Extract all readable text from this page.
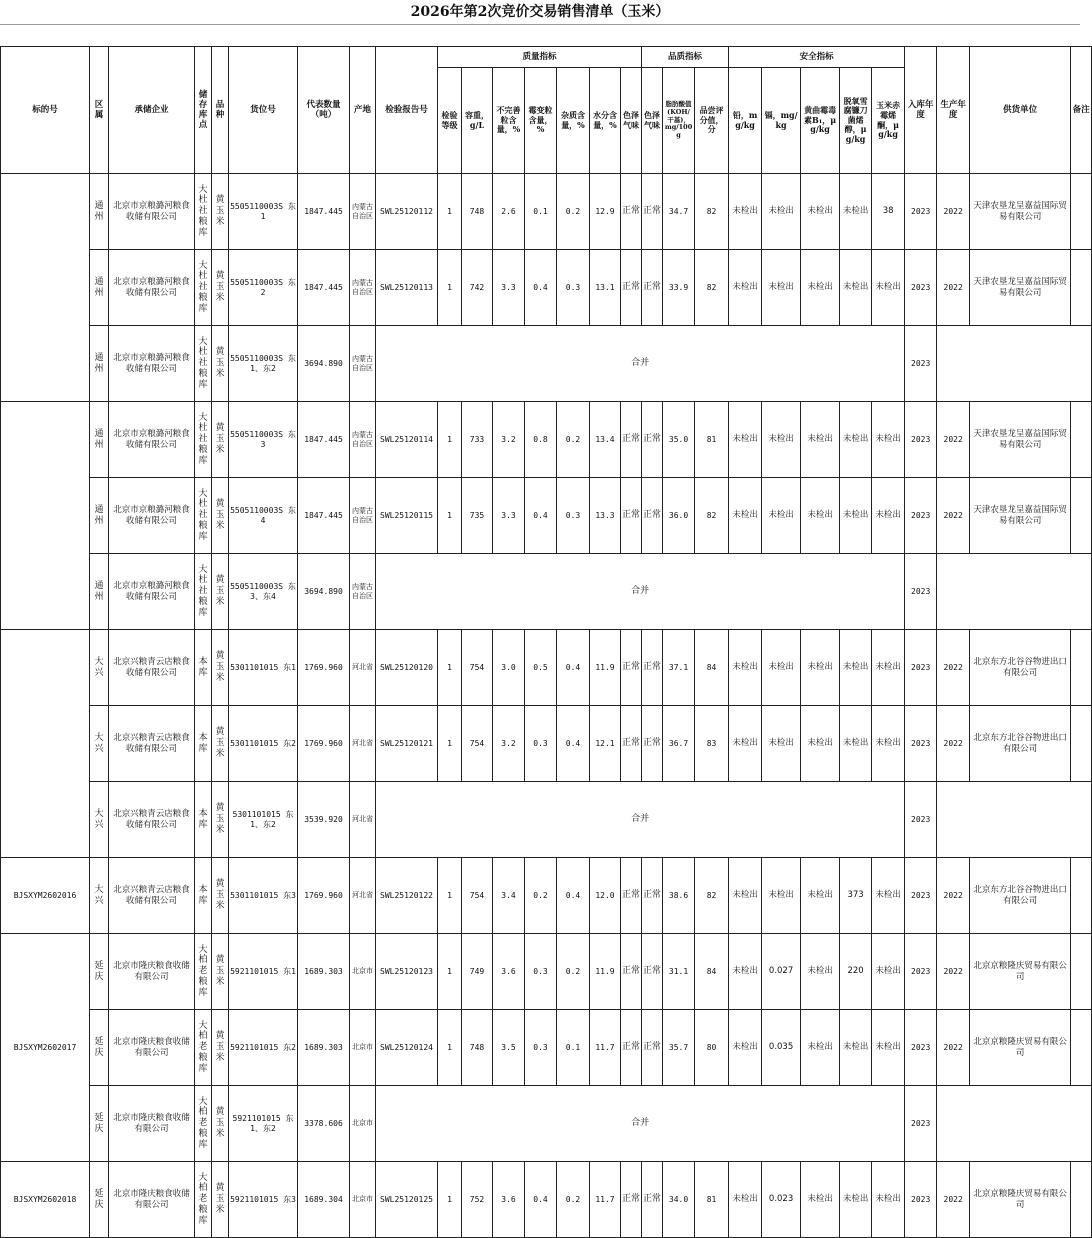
2026年第2次竞价交易销售清单（玉米）
标的号	区属	承储企业	储存库点	品种	货位号	代表数量（吨）	产地	检验报告号	质量指标							品质指标			安全指标					入库年度	生产年度	供货单位	备注
									检验等级	容重，g/L	不完善粒含量，%	霉变粒含量，%	杂质含量，%	水分含量，%	色泽气味	色泽气味	脂肪酸值(KOH/干基)，mg/100g	品尝评分值，分	铅，mg/kg	镉，mg/kg	黄曲霉毒素B₁，μg/kg	脱氧雪腐镰刀菌烯醇，μg/kg	玉米赤霉烯酮，μg/kg				
	通州	北京市京粮潞河粮食收储有限公司	大杜社粮库	黄玉米	5505110003S 东1	1847.445	内蒙古自治区	SWL25120112	1	748	2.6	0.1	0.2	12.9	正常	正常	34.7	82	未检出	未检出	未检出	未检出	38	2023	2022	天津农垦龙呈嘉益国际贸易有限公司	
	通州	北京市京粮潞河粮食收储有限公司	大杜社粮库	黄玉米	5505110003S 东2	1847.445	内蒙古自治区	SWL25120113	1	742	3.3	0.4	0.3	13.1	正常	正常	33.9	82	未检出	未检出	未检出	未检出	未检出	2023	2022	天津农垦龙呈嘉益国际贸易有限公司	
	通州	北京市京粮潞河粮食收储有限公司	大杜社粮库	黄玉米	5505110003S 东1、东2	3694.890	内蒙古自治区	合并																2023			
	通州	北京市京粮潞河粮食收储有限公司	大杜社粮库	黄玉米	5505110003S 东3	1847.445	内蒙古自治区	SWL25120114	1	733	3.2	0.8	0.2	13.4	正常	正常	35.0	81	未检出	未检出	未检出	未检出	未检出	2023	2022	天津农垦龙呈嘉益国际贸易有限公司	
	通州	北京市京粮潞河粮食收储有限公司	大杜社粮库	黄玉米	5505110003S 东4	1847.445	内蒙古自治区	SWL25120115	1	735	3.3	0.4	0.3	13.3	正常	正常	36.0	82	未检出	未检出	未检出	未检出	未检出	2023	2022	天津农垦龙呈嘉益国际贸易有限公司	
	通州	北京市京粮潞河粮食收储有限公司	大杜社粮库	黄玉米	5505110003S 东3、东4	3694.890	内蒙古自治区	合并																2023			
	大兴	北京兴粮青云店粮食收储有限公司	本库	黄玉米	5301101015 东1	1769.960	河北省	SWL25120120	1	754	3.0	0.5	0.4	11.9	正常	正常	37.1	84	未检出	未检出	未检出	未检出	未检出	2023	2022	北京东方北谷谷物进出口有限公司	
	大兴	北京兴粮青云店粮食收储有限公司	本库	黄玉米	5301101015 东2	1769.960	河北省	SWL25120121	1	754	3.2	0.3	0.4	12.1	正常	正常	36.7	83	未检出	未检出	未检出	未检出	未检出	2023	2022	北京东方北谷谷物进出口有限公司	
	大兴	北京兴粮青云店粮食收储有限公司	本库	黄玉米	5301101015 东1、东2	3539.920	河北省	合并																2023			
BJSXYM2602016	大兴	北京兴粮青云店粮食收储有限公司	本库	黄玉米	5301101015 东3	1769.960	河北省	SWL25120122	1	754	3.4	0.2	0.4	12.0	正常	正常	38.6	82	未检出	未检出	未检出	373	未检出	2023	2022	北京东方北谷谷物进出口有限公司	
BJSXYM2602017	延庆	北京市隆庆粮食收储有限公司	大柏老粮库	黄玉米	5921101015 东1	1689.303	北京市	SWL25120123	1	749	3.6	0.3	0.2	11.9	正常	正常	31.1	84	未检出	0.027	未检出	220	未检出	2023	2022	北京京粮隆庆贸易有限公司	
	延庆	北京市隆庆粮食收储有限公司	大柏老粮库	黄玉米	5921101015 东2	1689.303	北京市	SWL25120124	1	748	3.5	0.3	0.1	11.7	正常	正常	35.7	80	未检出	0.035	未检出	未检出	未检出	2023	2022	北京京粮隆庆贸易有限公司	
	延庆	北京市隆庆粮食收储有限公司	大柏老粮库	黄玉米	5921101015 东1、东2	3378.606	北京市	合并																2023			
BJSXYM2602018	延庆	北京市隆庆粮食收储有限公司	大柏老粮库	黄玉米	5921101015 东3	1689.304	北京市	SWL25120125	1	752	3.6	0.4	0.2	11.7	正常	正常	34.0	81	未检出	0.023	未检出	未检出	未检出	2023	2022	北京京粮隆庆贸易有限公司	
